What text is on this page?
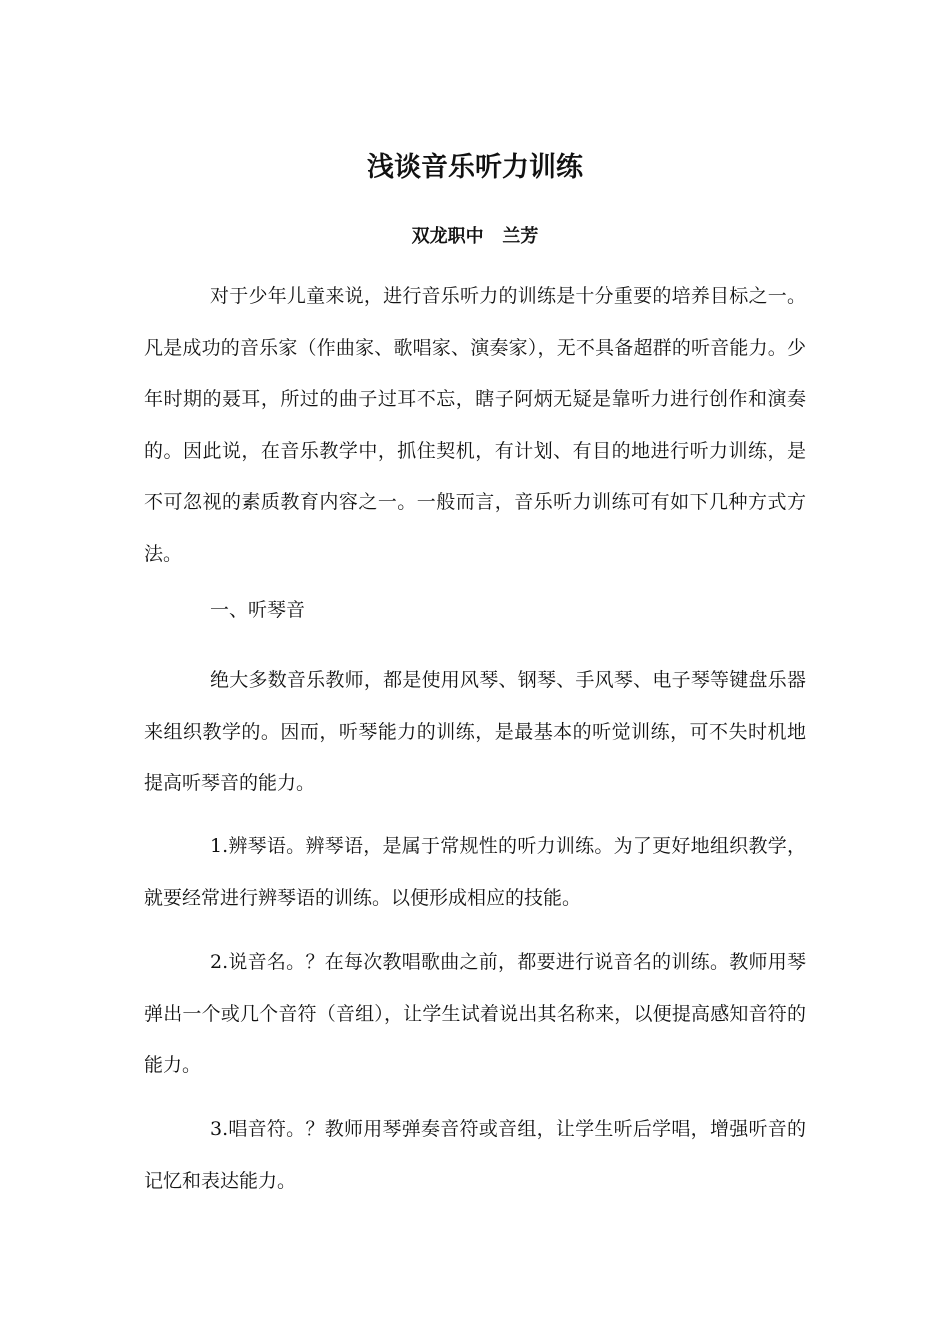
浅谈音乐听力训练
双龙职中   兰芳

对于少年儿童来说，进行音乐听力的训练是十分重要的培养目标之一。凡是成功的音乐家（作曲家、歌唱家、演奏家），无不具备超群的听音能力。少年时期的聂耳，所过的曲子过耳不忘，瞎子阿炳无疑是靠听力进行创作和演奏的。因此说，在音乐教学中，抓住契机，有计划、有目的地进行听力训练，是不可忽视的素质教育内容之一。一般而言，音乐听力训练可有如下几种方式方法。

一、听琴音

绝大多数音乐教师，都是使用风琴、钢琴、手风琴、电子琴等键盘乐器来组织教学的。因而，听琴能力的训练，是最基本的听觉训练，可不失时机地提高听琴音的能力。

1.辨琴语。辨琴语，是属于常规性的听力训练。为了更好地组织教学，就要经常进行辨琴语的训练。以便形成相应的技能。

2.说音名。？在每次教唱歌曲之前，都要进行说音名的训练。教师用琴弹出一个或几个音符（音组），让学生试着说出其名称来，以便提高感知音符的能力。

3.唱音符。？教师用琴弹奏音符或音组，让学生听后学唱，增强听音的记忆和表达能力。
